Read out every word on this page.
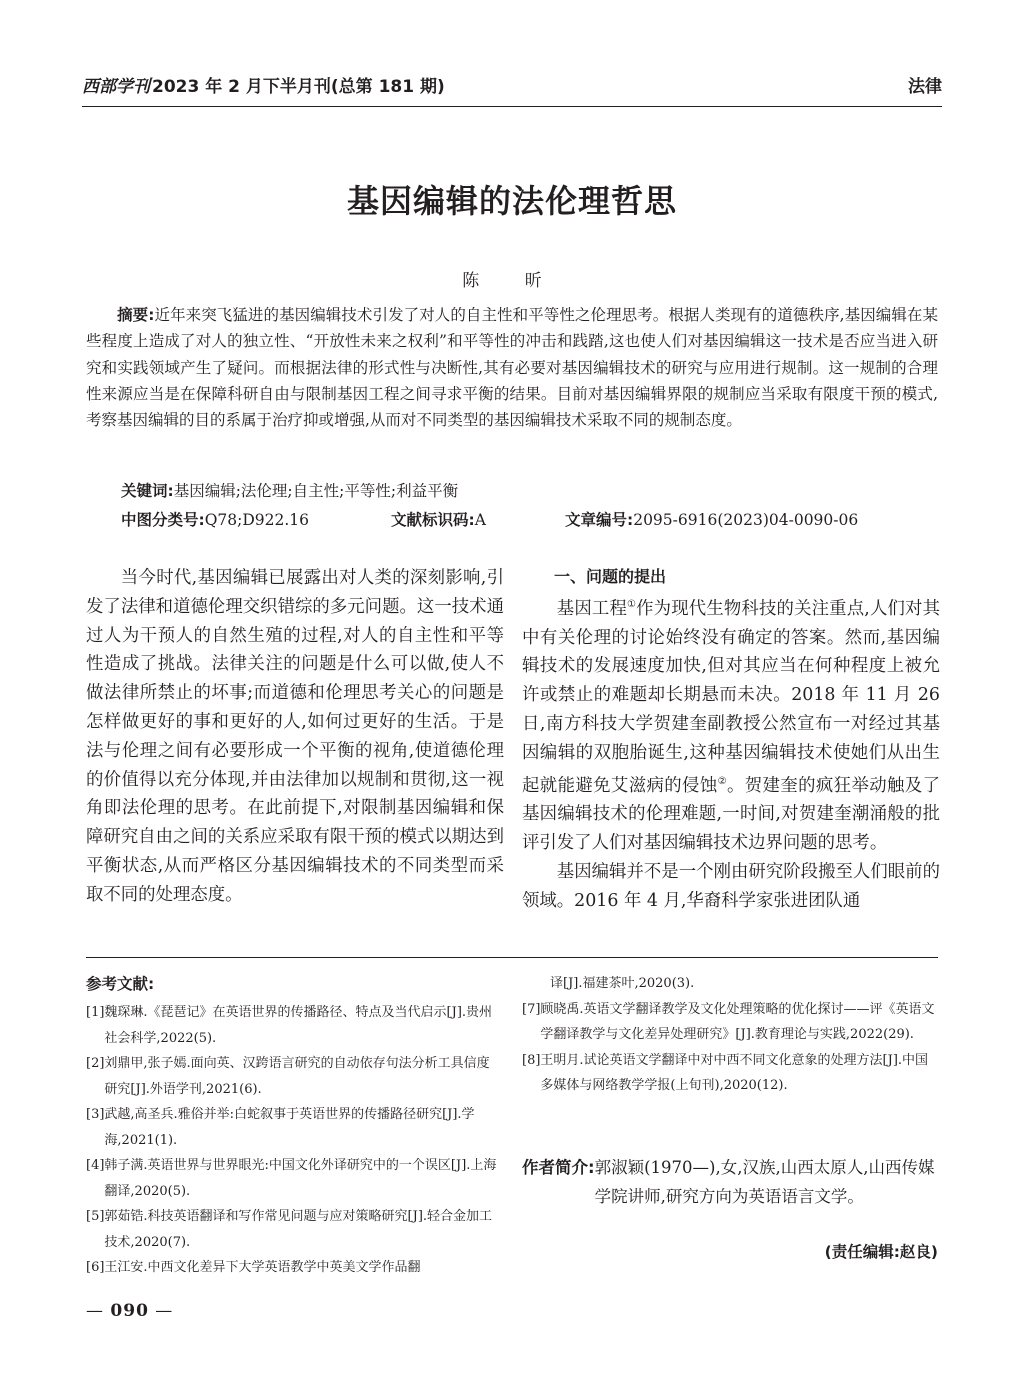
西部学刊 2023 年 2 月下半月刊(总第 181 期)	法律
基因编辑的法伦理哲思
陈 昕
摘要:近年来突飞猛进的基因编辑技术引发了对人的自主性和平等性之伦理思考。根据人类现有的道德秩序,基因编辑在某些程度上造成了对人的独立性、“开放性未来之权利”和平等性的冲击和践踏,这也使人们对基因编辑这一技术是否应当进入研究和实践领域产生了疑问。而根据法律的形式性与决断性,其有必要对基因编辑技术的研究与应用进行规制。这一规制的合理性来源应当是在保障科研自由与限制基因工程之间寻求平衡的结果。目前对基因编辑界限的规制应当采取有限度干预的模式,考察基因编辑的目的系属于治疗抑或增强,从而对不同类型的基因编辑技术采取不同的规制态度。
关键词:基因编辑;法伦理;自主性;平等性;利益平衡
中图分类号:Q78;D922.16	文献标识码:A	文章编号:2095-6916(2023)04-0090-06

当今时代,基因编辑已展露出对人类的深刻影响,引发了法律和道德伦理交织错综的多元问题。这一技术通过人为干预人的自然生殖的过程,对人的自主性和平等性造成了挑战。法律关注的问题是什么可以做,使人不做法律所禁止的坏事;而道德和伦理思考关心的问题是怎样做更好的事和更好的人,如何过更好的生活。于是法与伦理之间有必要形成一个平衡的视角,使道德伦理的价值得以充分体现,并由法律加以规制和贯彻,这一视角即法伦理的思考。在此前提下,对限制基因编辑和保障研究自由之间的关系应采取有限干预的模式以期达到平衡状态,从而严格区分基因编辑技术的不同类型而采取不同的处理态度。

一、问题的提出

基因工程①作为现代生物科技的关注重点,人们对其中有关伦理的讨论始终没有确定的答案。然而,基因编辑技术的发展速度加快,但对其应当在何种程度上被允许或禁止的难题却长期悬而未决。2018 年 11 月 26 日,南方科技大学贺建奎副教授公然宣布一对经过其基因编辑的双胞胎诞生,这种基因编辑技术使她们从出生起就能避免艾滋病的侵蚀②。贺建奎的疯狂举动触及了基因编辑技术的伦理难题,一时间,对贺建奎潮涌般的批评引发了人们对基因编辑技术边界问题的思考。

基因编辑并不是一个刚由研究阶段搬至人们眼前的领域。2016 年 4 月,华裔科学家张进团队通

参考文献:
[1] 魏琛琳.《琵琶记》在英语世界的传播路径、特点及当代启示[J].贵州社会科学,2022(5).
[2] 刘鼎甲,张子嫣.面向英、汉跨语言研究的自动依存句法分析工具信度研究[J].外语学刊,2021(6).
[3] 武越,高圣兵.雅俗并举:白蛇叙事于英语世界的传播路径研究[J].学海,2021(1).
[4] 韩子满.英语世界与世界眼光:中国文化外译研究中的一个误区[J].上海翻译,2020(5).
[5] 郭茹锆.科技英语翻译和写作常见问题与应对策略研究[J].轻合金加工技术,2020(7).
[6] 王江安.中西文化差异下大学英语教学中英美文学作品翻
译[J].福建茶叶,2020(3).
[7] 顾晓禹.英语文学翻译教学及文化处理策略的优化探讨——评《英语文学翻译教学与文化差异处理研究》[J].教育理论与实践,2022(29).
[8] 王明月.试论英语文学翻译中对中西不同文化意象的处理方法[J].中国多媒体与网络教学学报(上旬刊),2020(12).
作者简介: 郭淑颖(1970—),女,汉族,山西太原人,山西传媒学院讲师,研究方向为英语语言文学。
(责任编辑:赵良)
— 090 —
